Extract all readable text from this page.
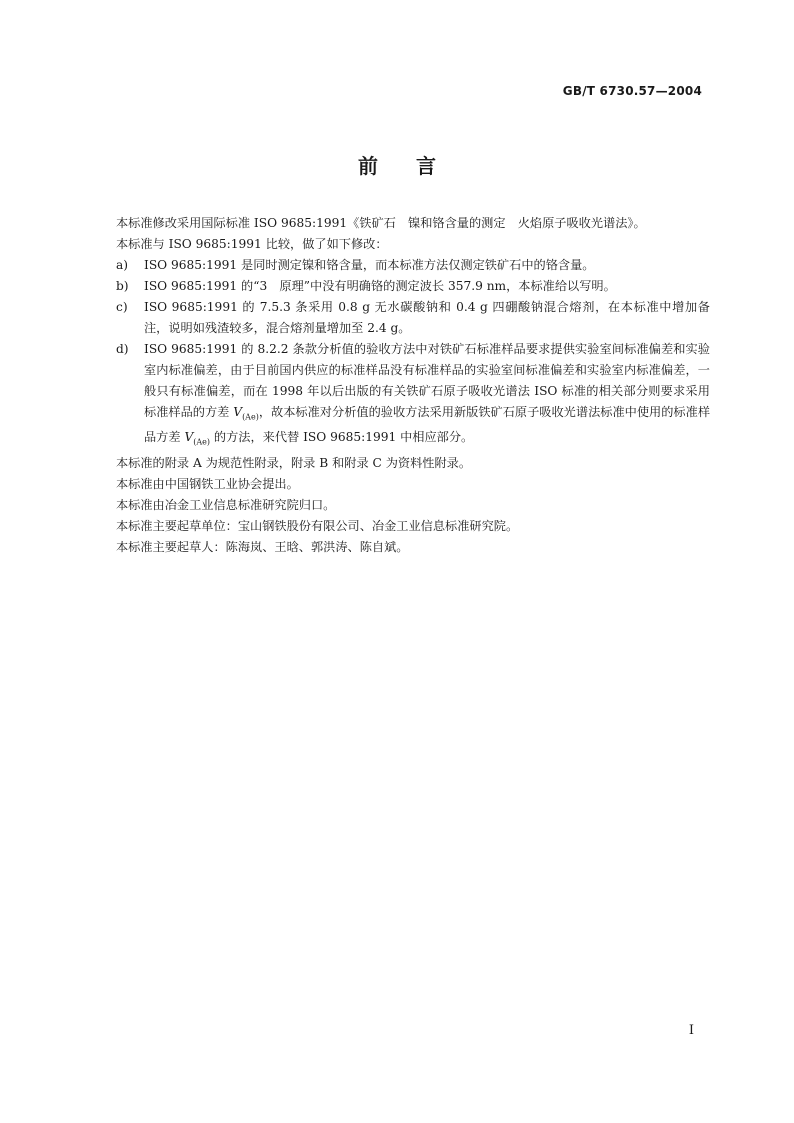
GB/T 6730.57—2004
前言

本标准修改采用国际标准 ISO 9685:1991《铁矿石　镍和铬含量的测定　火焰原子吸收光谱法》。

本标准与 ISO 9685:1991 比较，做了如下修改：

a)	ISO 9685:1991 是同时测定镍和铬含量，而本标准方法仅测定铁矿石中的铬含量。
b)	ISO 9685:1991 的“3　原理”中没有明确铬的测定波长 357.9 nm，本标准给以写明。
c)	ISO 9685:1991 的 7.5.3 条采用 0.8 g 无水碳酸钠和 0.4 g 四硼酸钠混合熔剂，在本标准中增加备注，说明如残渣较多，混合熔剂量增加至 2.4 g。
d)	ISO 9685:1991 的 8.2.2 条款分析值的验收方法中对铁矿石标准样品要求提供实验室间标准偏差和实验室内标准偏差，由于目前国内供应的标准样品没有标准样品的实验室间标准偏差和实验室内标准偏差，一般只有标准偏差，而在 1998 年以后出版的有关铁矿石原子吸收光谱法 ISO 标准的相关部分则要求采用标准样品的方差 $V_{(Ae)}$，故本标准对分析值的验收方法采用新版铁矿石原子吸收光谱法标准中使用的标准样品方差 $V_{(Ae)}$ 的方法，来代替 ISO 9685:1991 中相应部分。

本标准的附录 A 为规范性附录，附录 B 和附录 C 为资料性附录。

本标准由中国钢铁工业协会提出。

本标准由冶金工业信息标准研究院归口。

本标准主要起草单位：宝山钢铁股份有限公司、冶金工业信息标准研究院。

本标准主要起草人：陈海岚、王晗、郭洪涛、陈自斌。

I
